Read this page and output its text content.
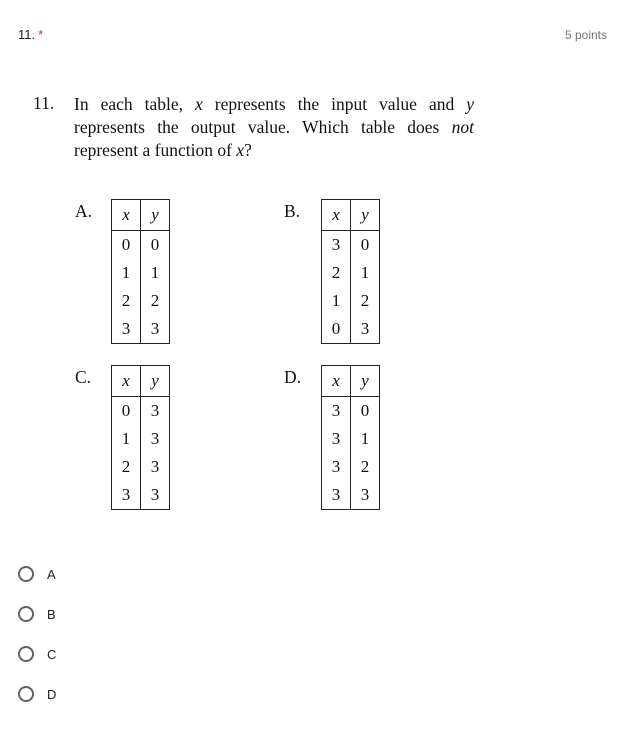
11. *	5 points
11. In each table, x represents the input value and y represents the output value. Which table does not represent a function of x?
A. x	y
0	0
1	1
2	2
3	3
B. x	y
3	0
2	1
1	2
0	3
C. x	y
0	3
1	3
2	3
3	3
D. x	y
3	0
3	1
3	2
3	3
A
B
C
D
